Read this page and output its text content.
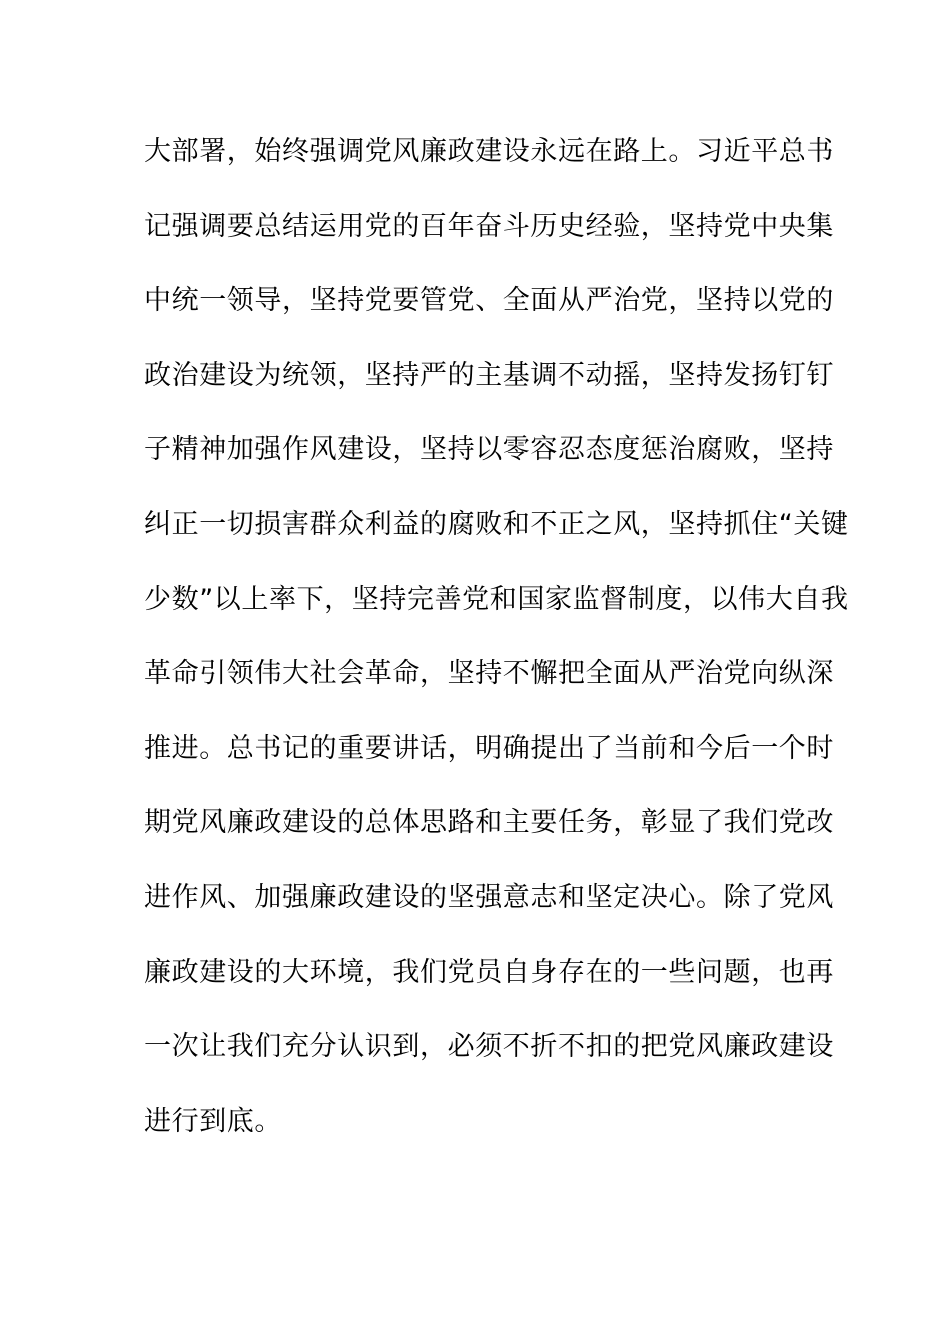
大部署，始终强调党风廉政建设永远在路上。习近平总书
记强调要总结运用党的百年奋斗历史经验，坚持党中央集
中统一领导，坚持党要管党、全面从严治党，坚持以党的
政治建设为统领，坚持严的主基调不动摇，坚持发扬钉钉
子精神加强作风建设，坚持以零容忍态度惩治腐败，坚持
纠正一切损害群众利益的腐败和不正之风，坚持抓住“关键
少数”以上率下，坚持完善党和国家监督制度，以伟大自我
革命引领伟大社会革命，坚持不懈把全面从严治党向纵深
推进。总书记的重要讲话，明确提出了当前和今后一个时
期党风廉政建设的总体思路和主要任务，彰显了我们党改
进作风、加强廉政建设的坚强意志和坚定决心。除了党风
廉政建设的大环境，我们党员自身存在的一些问题，也再
一次让我们充分认识到，必须不折不扣的把党风廉政建设
进行到底。
